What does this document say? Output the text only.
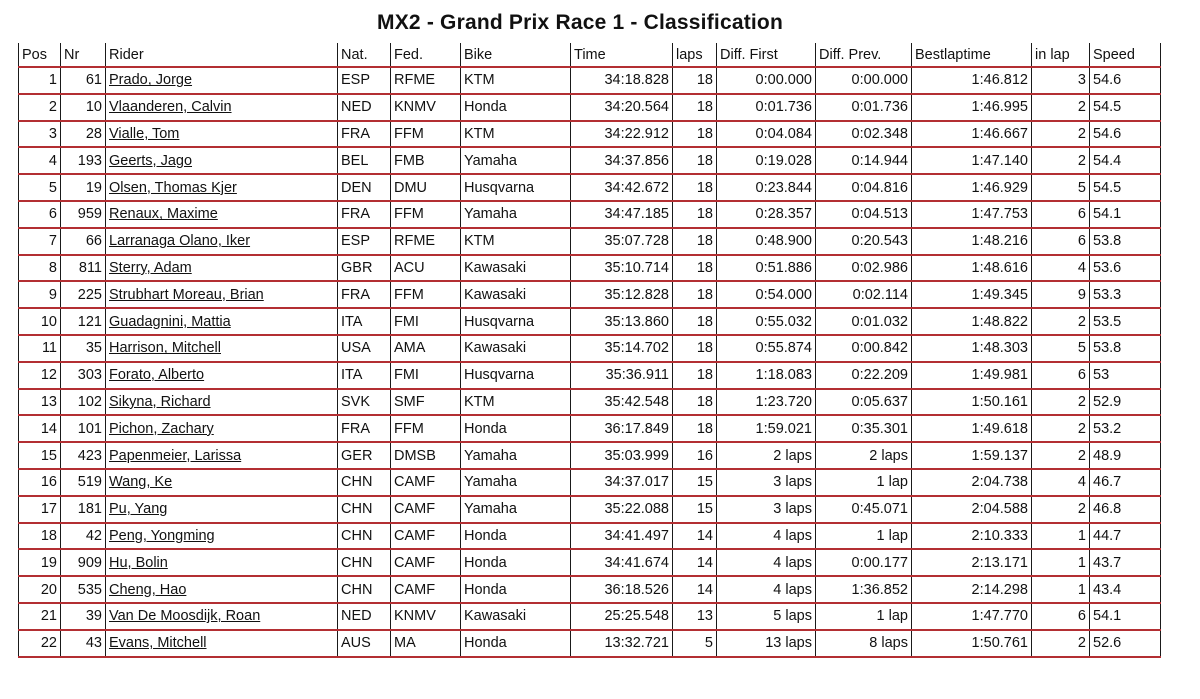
MX2 - Grand Prix Race 1 - Classification
Pos	Nr	Rider	Nat.	Fed.	Bike	Time	laps	Diff. First	Diff. Prev.	Bestlaptime	in lap	Speed
1	61	Prado, Jorge	ESP	RFME	KTM	34:18.828	18	0:00.000	0:00.000	1:46.812	3	54.6
2	10	Vlaanderen, Calvin	NED	KNMV	Honda	34:20.564	18	0:01.736	0:01.736	1:46.995	2	54.5
3	28	Vialle, Tom	FRA	FFM	KTM	34:22.912	18	0:04.084	0:02.348	1:46.667	2	54.6
4	193	Geerts, Jago	BEL	FMB	Yamaha	34:37.856	18	0:19.028	0:14.944	1:47.140	2	54.4
5	19	Olsen, Thomas Kjer	DEN	DMU	Husqvarna	34:42.672	18	0:23.844	0:04.816	1:46.929	5	54.5
6	959	Renaux, Maxime	FRA	FFM	Yamaha	34:47.185	18	0:28.357	0:04.513	1:47.753	6	54.1
7	66	Larranaga Olano, Iker	ESP	RFME	KTM	35:07.728	18	0:48.900	0:20.543	1:48.216	6	53.8
8	811	Sterry, Adam	GBR	ACU	Kawasaki	35:10.714	18	0:51.886	0:02.986	1:48.616	4	53.6
9	225	Strubhart Moreau, Brian	FRA	FFM	Kawasaki	35:12.828	18	0:54.000	0:02.114	1:49.345	9	53.3
10	121	Guadagnini, Mattia	ITA	FMI	Husqvarna	35:13.860	18	0:55.032	0:01.032	1:48.822	2	53.5
11	35	Harrison, Mitchell	USA	AMA	Kawasaki	35:14.702	18	0:55.874	0:00.842	1:48.303	5	53.8
12	303	Forato, Alberto	ITA	FMI	Husqvarna	35:36.911	18	1:18.083	0:22.209	1:49.981	6	53
13	102	Sikyna, Richard	SVK	SMF	KTM	35:42.548	18	1:23.720	0:05.637	1:50.161	2	52.9
14	101	Pichon, Zachary	FRA	FFM	Honda	36:17.849	18	1:59.021	0:35.301	1:49.618	2	53.2
15	423	Papenmeier, Larissa	GER	DMSB	Yamaha	35:03.999	16	2 laps	2 laps	1:59.137	2	48.9
16	519	Wang, Ke	CHN	CAMF	Yamaha	34:37.017	15	3 laps	1 lap	2:04.738	4	46.7
17	181	Pu, Yang	CHN	CAMF	Yamaha	35:22.088	15	3 laps	0:45.071	2:04.588	2	46.8
18	42	Peng, Yongming	CHN	CAMF	Honda	34:41.497	14	4 laps	1 lap	2:10.333	1	44.7
19	909	Hu, Bolin	CHN	CAMF	Honda	34:41.674	14	4 laps	0:00.177	2:13.171	1	43.7
20	535	Cheng, Hao	CHN	CAMF	Honda	36:18.526	14	4 laps	1:36.852	2:14.298	1	43.4
21	39	Van De Moosdijk, Roan	NED	KNMV	Kawasaki	25:25.548	13	5 laps	1 lap	1:47.770	6	54.1
22	43	Evans, Mitchell	AUS	MA	Honda	13:32.721	5	13 laps	8 laps	1:50.761	2	52.6
